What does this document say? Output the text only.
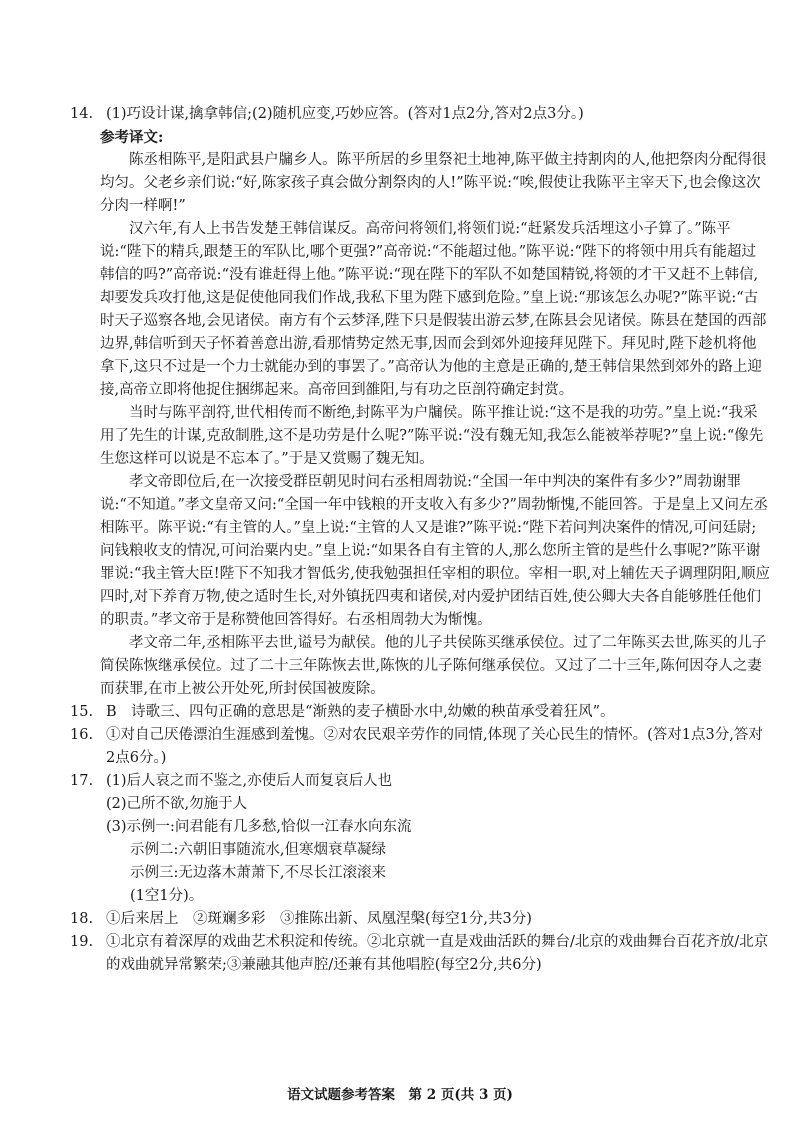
14. (1)巧设计谋,擒拿韩信;(2)随机应变,巧妙应答。(答对1点2分,答对2点3分。)
参考译文:

陈丞相陈平,是阳武县户牖乡人。陈平所居的乡里祭祀土地神,陈平做主持割肉的人,他把祭肉分配得很均匀。父老乡亲们说:“好,陈家孩子真会做分割祭肉的人!”陈平说:“唉,假使让我陈平主宰天下,也会像这次分肉一样啊!”

汉六年,有人上书告发楚王韩信谋反。高帝问将领们,将领们说:“赶紧发兵活埋这小子算了。”陈平说:“陛下的精兵,跟楚王的军队比,哪个更强?”高帝说:“不能超过他。”陈平说:“陛下的将领中用兵有能超过韩信的吗?”高帝说:“没有谁赶得上他。”陈平说:“现在陛下的军队不如楚国精锐,将领的才干又赶不上韩信,却要发兵攻打他,这是促使他同我们作战,我私下里为陛下感到危险。”皇上说:“那该怎么办呢?”陈平说:“古时天子巡察各地,会见诸侯。南方有个云梦泽,陛下只是假装出游云梦,在陈县会见诸侯。陈县在楚国的西部边界,韩信听到天子怀着善意出游,看那情势定然无事,因而会到郊外迎接拜见陛下。拜见时,陛下趁机将他拿下,这只不过是一个力士就能办到的事罢了。”高帝认为他的主意是正确的,楚王韩信果然到郊外的路上迎接,高帝立即将他捉住捆绑起来。高帝回到雒阳,与有功之臣剖符确定封赏。

当时与陈平剖符,世代相传而不断绝,封陈平为户牖侯。陈平推让说:“这不是我的功劳。”皇上说:“我采用了先生的计谋,克敌制胜,这不是功劳是什么呢?”陈平说:“没有魏无知,我怎么能被举荐呢?”皇上说:“像先生您这样可以说是不忘本了。”于是又赏赐了魏无知。

孝文帝即位后,在一次接受群臣朝见时问右丞相周勃说:“全国一年中判决的案件有多少?”周勃谢罪说:“不知道。”孝文皇帝又问:“全国一年中钱粮的开支收入有多少?”周勃惭愧,不能回答。于是皇上又问左丞相陈平。陈平说:“有主管的人。”皇上说:“主管的人又是谁?”陈平说:“陛下若问判决案件的情况,可问廷尉;问钱粮收支的情况,可问治粟内史。”皇上说:“如果各自有主管的人,那么您所主管的是些什么事呢?”陈平谢罪说:“我主管大臣!陛下不知我才智低劣,使我勉强担任宰相的职位。宰相一职,对上辅佐天子调理阴阳,顺应四时,对下养育万物,使之适时生长,对外镇抚四夷和诸侯,对内爱护团结百姓,使公卿大夫各自能够胜任他们的职责。”孝文帝于是称赞他回答得好。右丞相周勃大为惭愧。

孝文帝二年,丞相陈平去世,谥号为献侯。他的儿子共侯陈买继承侯位。过了二年陈买去世,陈买的儿子简侯陈恢继承侯位。过了二十三年陈恢去世,陈恢的儿子陈何继承侯位。又过了二十三年,陈何因夺人之妻而获罪,在市上被公开处死,所封侯国被废除。

15. B　诗歌三、四句正确的意思是“渐熟的麦子横卧水中,幼嫩的秧苗承受着狂风”。
16. ①对自己厌倦漂泊生涯感到羞愧。②对农民艰辛劳作的同情,体现了关心民生的情怀。(答对1点3分,答对2点6分。)
17. (1)后人哀之而不鉴之,亦使后人而复哀后人也
(2)己所不欲,勿施于人
(3)示例一:问君能有几多愁,恰似一江春水向东流
示例二:六朝旧事随流水,但寒烟衰草凝绿
示例三:无边落木萧萧下,不尽长江滚滚来
(1空1分)。
18. ①后来居上　②斑斓多彩　③推陈出新、凤凰涅槃(每空1分,共3分)
19. ①北京有着深厚的戏曲艺术积淀和传统。②北京就一直是戏曲活跃的舞台/北京的戏曲舞台百花齐放/北京的戏曲就异常繁荣;③兼融其他声腔/还兼有其他唱腔(每空2分,共6分)
语文试题参考答案　第 2 页(共 3 页)
